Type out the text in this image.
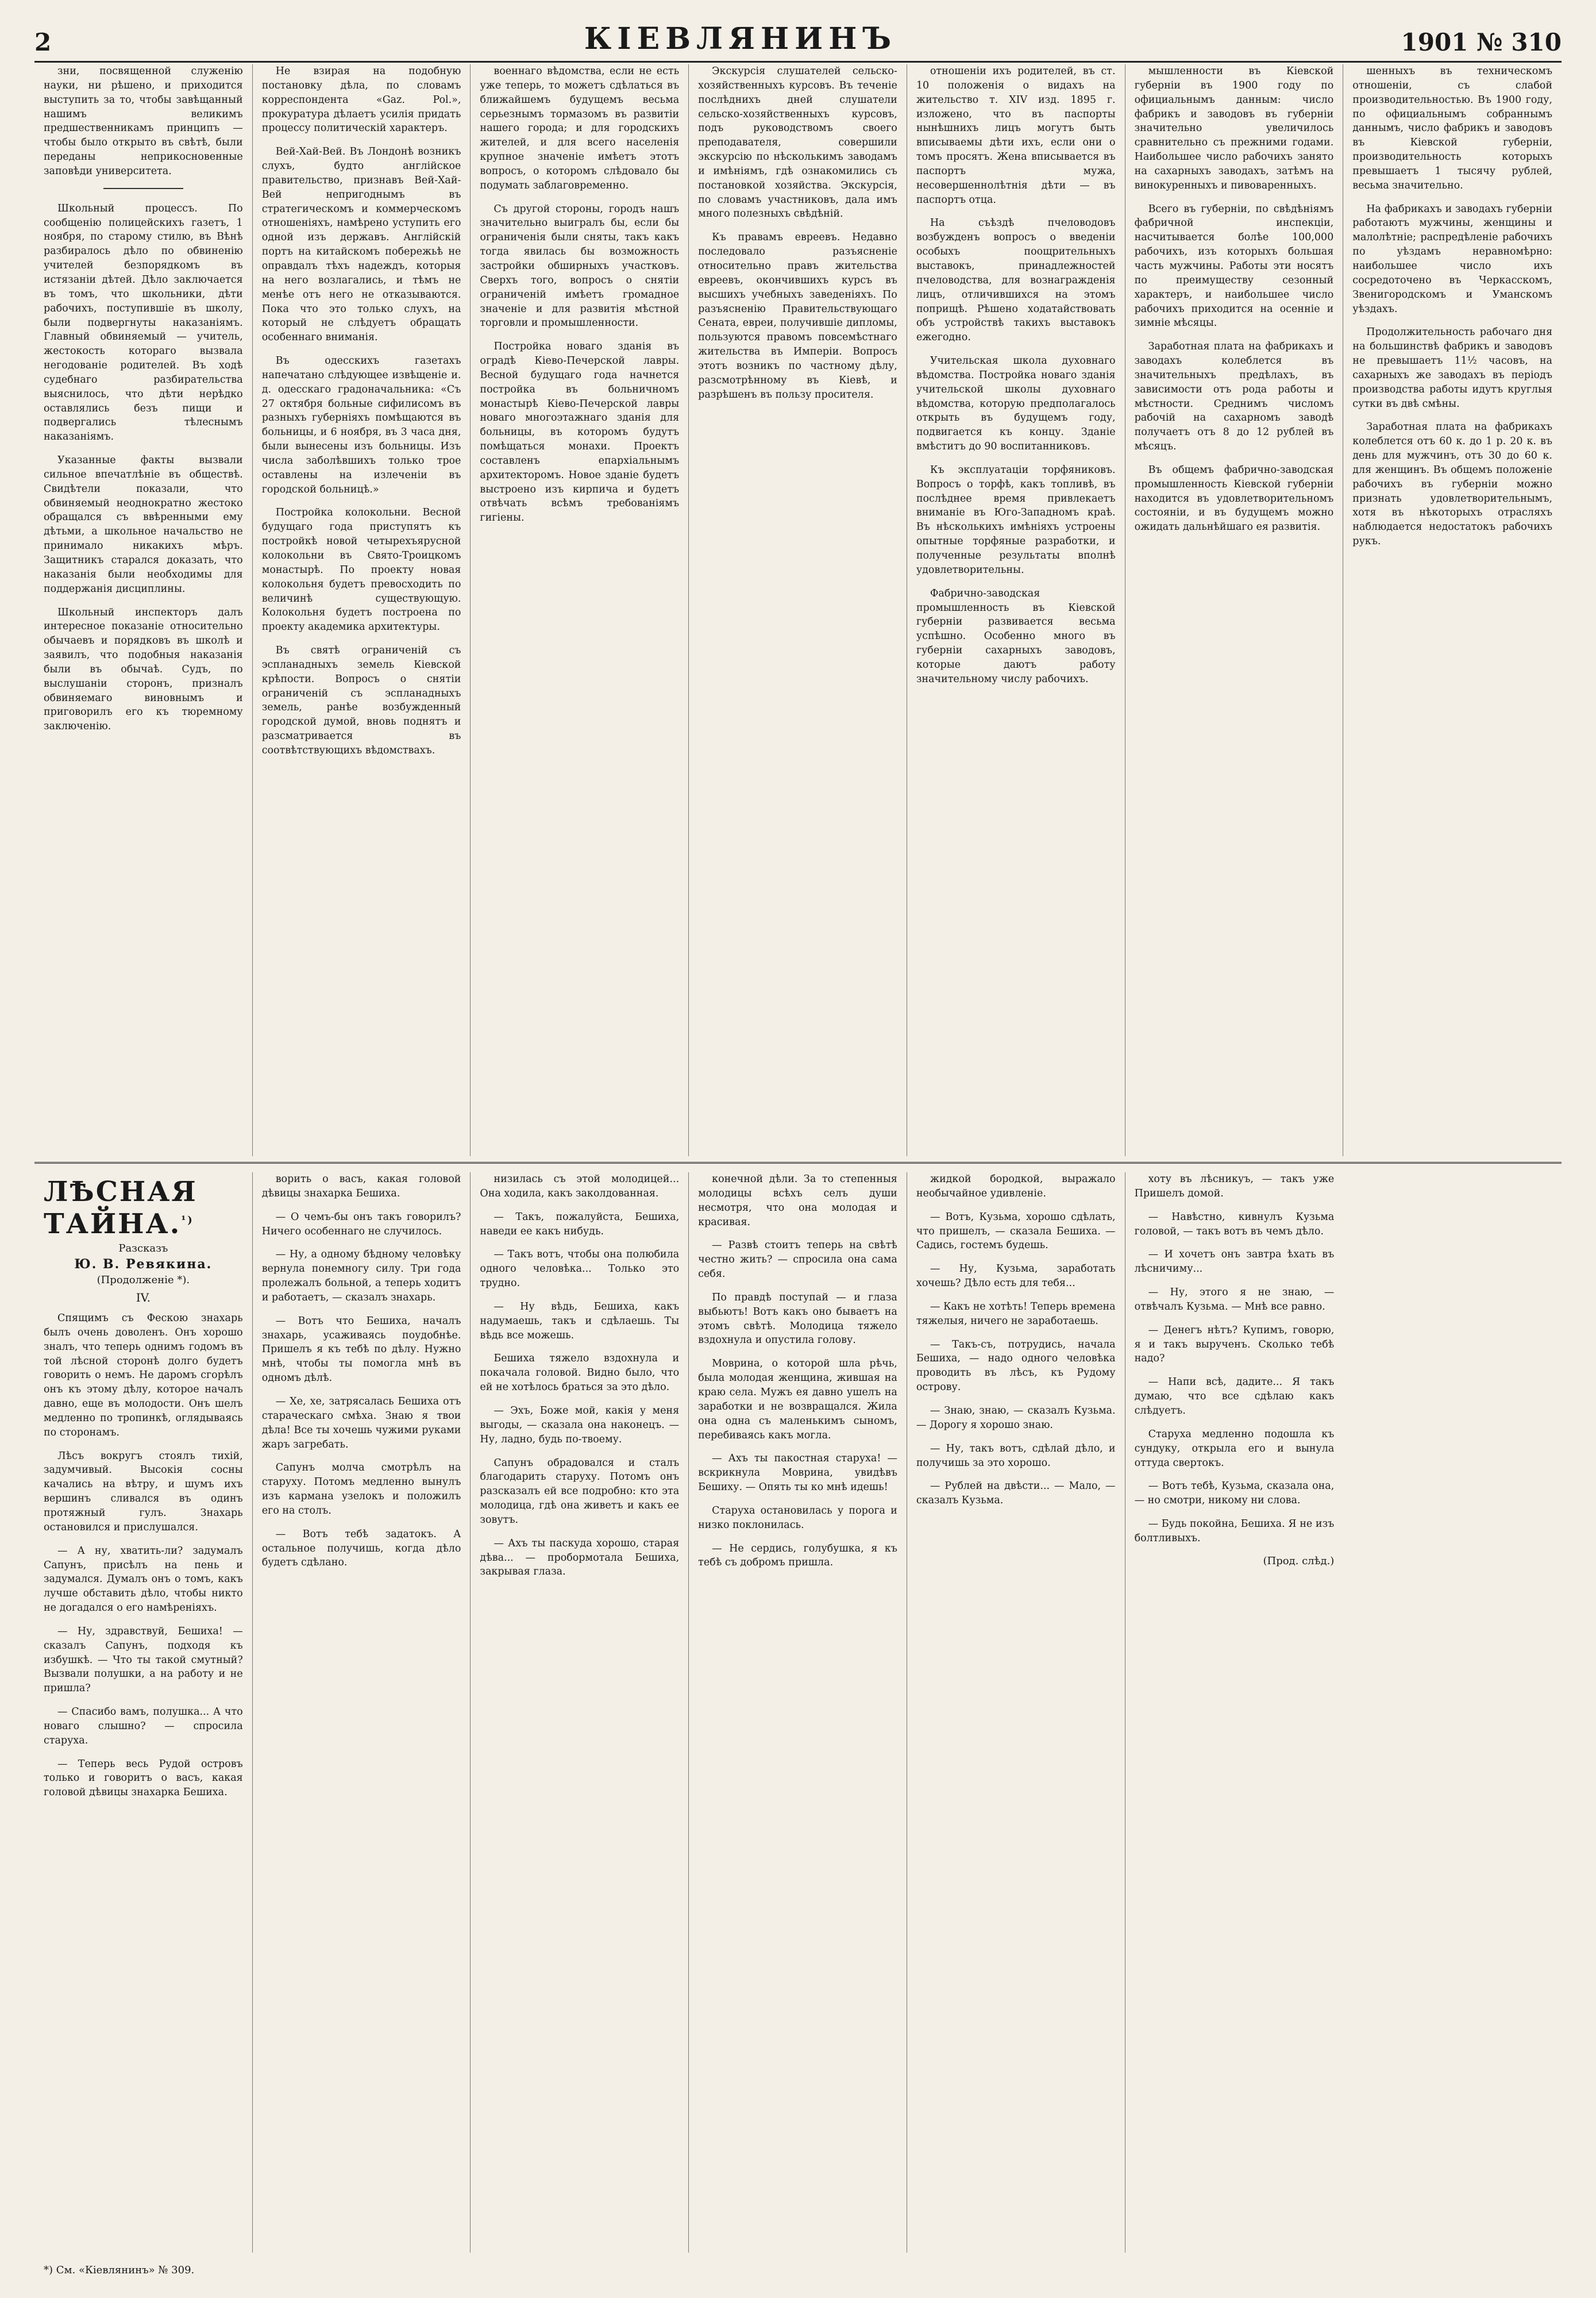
2	КІЕВЛЯНИНЪ	1901 № 310

зни, посвященной служенію науки, ни рѣшено, и приходится выступить за то, чтобы завѣщанный нашимъ великимъ предшественникамъ принципъ — чтобы было открыто въ свѣтѣ, были переданы неприкосновенные заповѣди университета.

Школьный процессъ. По сообщенію полицейскихъ газетъ, 1 ноября, по старому стилю, въ Вѣнѣ разбиралось дѣло по обвиненію учителей безпорядкомъ въ истязаніи дѣтей. Дѣло заключается въ томъ, что школьники, дѣти рабочихъ, поступившіе въ школу, были подвергнуты наказаніямъ. Главный обвиняемый — учитель, жестокость котораго вызвала негодованіе родителей. Въ ходѣ судебнаго разбирательства выяснилось, что дѣти нерѣдко оставлялись безъ пищи и подвергались тѣлеснымъ наказаніямъ.

Указанные факты вызвали сильное впечатлѣніе въ обществѣ. Свидѣтели показали, что обвиняемый неоднократно жестоко обращался съ ввѣренными ему дѣтьми, а школьное начальство не принимало никакихъ мѣръ. Защитникъ старался доказать, что наказанія были необходимы для поддержанія дисциплины.

Школьный инспекторъ далъ интересное показаніе относительно обычаевъ и порядковъ въ школѣ и заявилъ, что подобныя наказанія были въ обычаѣ. Судъ, по выслушаніи сторонъ, призналъ обвиняемаго виновнымъ и приговорилъ его къ тюремному заключенію.

Не взирая на подобную постановку дѣла, по словамъ корреспондента «Gaz. Pol.», прокуратура дѣлаетъ усилія придать процессу политическій характеръ.

Вей-Хай-Вей. Въ Лондонѣ возникъ слухъ, будто англійское правительство, признавъ Вей-Хай-Вей непригоднымъ въ стратегическомъ и коммерческомъ отношеніяхъ, намѣрено уступить его одной изъ державъ. Англійскій портъ на китайскомъ побережьѣ не оправдалъ тѣхъ надеждъ, которыя на него возлагались, и тѣмъ не менѣе отъ него не отказываются. Пока что это только слухъ, на который не слѣдуетъ обращать особеннаго вниманія.

Въ одесскихъ газетахъ напечатано слѣдующее извѣщеніе и. д. одесскаго градоначальника: «Съ 27 октября больные сифилисомъ въ разныхъ губерніяхъ помѣщаются въ больницы, и 6 ноября, въ 3 часа дня, были вынесены изъ больницы. Изъ числа заболѣвшихъ только трое оставлены на излеченіи въ городской больницѣ.»

Постройка колокольни. Весной будущаго года приступятъ къ постройкѣ новой четырехъярусной колокольни въ Свято-Троицкомъ монастырѣ. По проекту новая колокольня будетъ превосходить по величинѣ существующую. Колокольня будетъ построена по проекту академика архитектуры.

Въ святѣ ограниченій съ эспланадныхъ земель Кіевской крѣпости. Вопросъ о снятіи ограниченій съ эспланадныхъ земель, ранѣе возбужденный городской думой, вновь поднятъ и разсматривается въ соотвѣтствующихъ вѣдомствахъ.

военнаго вѣдомства, если не есть уже теперь, то можетъ сдѣлаться въ ближайшемъ будущемъ весьма серьезнымъ тормазомъ въ развитіи нашего города; и для городскихъ жителей, и для всего населенія крупное значеніе имѣетъ этотъ вопросъ, о которомъ слѣдовало бы подумать заблаговременно.

Съ другой стороны, городъ нашъ значительно выигралъ бы, если бы ограниченія были сняты, такъ какъ тогда явилась бы возможность застройки обширныхъ участковъ. Сверхъ того, вопросъ о снятіи ограниченій имѣетъ громадное значеніе и для развитія мѣстной торговли и промышленности.

Постройка новаго зданія въ оградѣ Кіево-Печерской лавры. Весной будущаго года начнется постройка въ больничномъ монастырѣ Кіево-Печерской лавры новаго многоэтажнаго зданія для больницы, въ которомъ будутъ помѣщаться монахи. Проектъ составленъ епархіальнымъ архитекторомъ. Новое зданіе будетъ выстроено изъ кирпича и будетъ отвѣчать всѣмъ требованіямъ гигіены.

Экскурсія слушателей сельско-хозяйственныхъ курсовъ. Въ теченіе послѣднихъ дней слушатели сельско-хозяйственныхъ курсовъ, подъ руководствомъ своего преподавателя, совершили экскурсію по нѣсколькимъ заводамъ и имѣніямъ, гдѣ ознакомились съ постановкой хозяйства. Экскурсія, по словамъ участниковъ, дала имъ много полезныхъ свѣдѣній.

Къ правамъ евреевъ. Недавно последовало разъясненіе относительно правъ жительства евреевъ, окончившихъ курсъ въ высшихъ учебныхъ заведеніяхъ. По разъясненію Правительствующаго Сената, евреи, получившіе дипломы, пользуются правомъ повсемѣстнаго жительства въ Имперіи. Вопросъ этотъ возникъ по частному дѣлу, разсмотрѣнному въ Кіевѣ, и разрѣшенъ въ пользу просителя.

отношеніи ихъ родителей, въ ст. 10 положенія о видахъ на жительство т. XIV изд. 1895 г. изложено, что въ паспорты нынѣшнихъ лицъ могутъ быть вписываемы дѣти ихъ, если они о томъ просятъ. Жена вписывается въ паспортъ мужа, несовершеннолѣтнія дѣти — въ паспортъ отца.

На съѣздѣ пчеловодовъ возбужденъ вопросъ о введеніи особыхъ поощрительныхъ выставокъ, принадлежностей пчеловодства, для вознагражденія лицъ, отличившихся на этомъ поприщѣ. Рѣшено ходатайствовать объ устройствѣ такихъ выставокъ ежегодно.

Учительская школа духовнаго вѣдомства. Постройка новаго зданія учительской школы духовнаго вѣдомства, которую предполагалось открыть въ будущемъ году, подвигается къ концу. Зданіе вмѣститъ до 90 воспитанниковъ.

Къ эксплуатаціи торфяниковъ. Вопросъ о торфѣ, какъ топливѣ, въ послѣднее время привлекаетъ вниманіе въ Юго-Западномъ краѣ. Въ нѣсколькихъ имѣніяхъ устроены опытные торфяные разработки, и полученные результаты вполнѣ удовлетворительны.

Фабрично-заводская промышленность въ Кіевской губерніи развивается весьма успѣшно. Особенно много въ губерніи сахарныхъ заводовъ, которые даютъ работу значительному числу рабочихъ.

мышленности въ Кіевской губерніи въ 1900 году по официальнымъ данным: число фабрикъ и заводовъ въ губерніи значительно увеличилось сравнительно съ прежними годами. Наибольшее число рабочихъ занято на сахарныхъ заводахъ, затѣмъ на винокуренныхъ и пивоваренныхъ.

Всего въ губерніи, по свѣдѣніямъ фабричной инспекціи, насчитывается болѣе 100,000 рабочихъ, изъ которыхъ большая часть мужчины. Работы эти носятъ по преимуществу сезонный характеръ, и наибольшее число рабочихъ приходится на осенніе и зимніе мѣсяцы.

Заработная плата на фабрикахъ и заводахъ колеблется въ значительныхъ предѣлахъ, въ зависимости отъ рода работы и мѣстности. Среднимъ числомъ рабочій на сахарномъ заводѣ получаетъ отъ 8 до 12 рублей въ мѣсяцъ.

Въ общемъ фабрично-заводская промышленность Кіевской губерніи находится въ удовлетворительномъ состояніи, и въ будущемъ можно ожидать дальнѣйшаго ея развитія.

шенныхъ въ техническомъ отношеніи, съ слабой производительностью. Въ 1900 году, по официальнымъ собраннымъ даннымъ, число фабрикъ и заводовъ въ Кіевской губерніи, производительность которыхъ превышаетъ 1 тысячу рублей, весьма значительно.

На фабрикахъ и заводахъ губерніи работаютъ мужчины, женщины и малолѣтніе; распредѣленіе рабочихъ по уѣздамъ неравномѣрно: наибольшее число ихъ сосредоточено въ Черкасскомъ, Звенигородскомъ и Уманскомъ уѣздахъ.

Продолжительность рабочаго дня на большинствѣ фабрикъ и заводовъ не превышаетъ 11½ часовъ, на сахарныхъ же заводахъ въ періодъ производства работы идутъ круглыя сутки въ двѣ смѣны.

Заработная плата на фабрикахъ колеблется отъ 60 к. до 1 р. 20 к. въ день для мужчинъ, отъ 30 до 60 к. для женщинъ. Въ общемъ положеніе рабочихъ въ губерніи можно признать удовлетворительнымъ, хотя въ нѣкоторыхъ отрасляхъ наблюдается недостатокъ рабочихъ рукъ.

ЛѢСНАЯ ТАЙНА.$^{^1)}$
Разсказъ
Ю. В. Ревякина.
(Продолженіе *).
IV.

Спящимъ съ Фескою знахарь былъ очень доволенъ. Онъ хорошо зналъ, что теперь однимъ годомъ въ той лѣсной сторонѣ долго будетъ говорить о немъ. Не даромъ сгорѣлъ онъ къ этому дѣлу, которое началъ давно, еще въ молодости. Онъ шелъ медленно по тропинкѣ, оглядываясь по сторонамъ.

Лѣсъ вокругъ стоялъ тихій, задумчивый. Высокія сосны качались на вѣтру, и шумъ ихъ вершинъ сливался въ одинъ протяжный гулъ. Знахарь остановился и прислушался.

— А ну, хватить-ли? задумалъ Сапунъ, присѣлъ на пень и задумался. Думалъ онъ о томъ, какъ лучше обставить дѣло, чтобы никто не догадался о его намѣреніяхъ.

— Ну, здравствуй, Бешиха! — сказалъ Сапунъ, подходя къ избушкѣ. — Что ты такой смутный? Вызвали полушки, а на работу и не пришла?

— Спасибо вамъ, полушка... А что новаго слышно? — спросила старуха.

— Теперь весь Рудой островъ только и говоритъ о васъ, какая головой дѣвицы знахарка Бешиха.

ворить о васъ, какая головой дѣвицы знахарка Бешиха.

— О чемъ-бы онъ такъ говорилъ? Ничего особеннаго не случилось.

— Ну, а одному бѣдному человѣку вернула понемногу силу. Три года пролежалъ больной, а теперь ходитъ и работаетъ, — сказалъ знахарь.

— Вотъ что Бешиха, началъ знахарь, усаживаясь поудобнѣе. Пришелъ я къ тебѣ по дѣлу. Нужно мнѣ, чтобы ты помогла мнѣ въ одномъ дѣлѣ.

— Хе, хе, затрясалась Бешиха отъ стараческаго смѣха. Знаю я твои дѣла! Все ты хочешь чужими руками жаръ загребать.

Сапунъ молча смотрѣлъ на старуху. Потомъ медленно вынулъ изъ кармана узелокъ и положилъ его на столъ.

— Вотъ тебѣ задатокъ. А остальное получишь, когда дѣло будетъ сдѣлано.

низилась съ этой молодицей... Она ходила, какъ заколдованная.

— Такъ, пожалуйста, Бешиха, наведи ее какъ нибудь.

— Такъ вотъ, чтобы она полюбила одного человѣка... Только это трудно.

— Ну вѣдь, Бешиха, какъ надумаешь, такъ и сдѣлаешь. Ты вѣдь все можешь.

Бешиха тяжело вздохнула и покачала головой. Видно было, что ей не хотѣлось браться за это дѣло.

— Эхъ, Боже мой, какія у меня выгоды, — сказала она наконецъ. — Ну, ладно, будь по-твоему.

Сапунъ обрадовался и сталъ благодарить старуху. Потомъ онъ разсказалъ ей все подробно: кто эта молодица, гдѣ она живетъ и какъ ее зовутъ.

— Ахъ ты паскуда хорошо, старая дѣва... — пробормотала Бешиха, закрывая глаза.

конечной дѣли. За то степенныя молодицы всѣхъ селъ души несмотря, что она молодая и красивая.

— Развѣ стоитъ теперь на свѣтѣ честно жить? — спросила она сама себя.

По правдѣ поступай — и глаза выбьютъ! Вотъ какъ оно бываетъ на этомъ свѣтѣ. Молодица тяжело вздохнула и опустила голову.

Моврина, о которой шла рѣчь, была молодая женщина, жившая на краю села. Мужъ ея давно ушелъ на заработки и не возвращался. Жила она одна съ маленькимъ сыномъ, перебиваясь какъ могла.

— Ахъ ты пакостная старуха! — вскрикнула Моврина, увидѣвъ Бешиху. — Опять ты ко мнѣ идешь!

Старуха остановилась у порога и низко поклонилась.

— Не сердись, голубушка, я къ тебѣ съ добромъ пришла.

жидкой бородкой, выражало необычайное удивленіе.

— Вотъ, Кузьма, хорошо сдѣлать, что пришелъ, — сказала Бешиха. — Садись, гостемъ будешь.

— Ну, Кузьма, заработать хочешь? Дѣло есть для тебя...

— Какъ не хотѣть! Теперь времена тяжелыя, ничего не заработаешь.

— Такъ-съ, потрудись, начала Бешиха, — надо одного человѣка проводить въ лѣсъ, къ Рудому острову.

— Знаю, знаю, — сказалъ Кузьма. — Дорогу я хорошо знаю.

— Ну, такъ вотъ, сдѣлай дѣло, и получишь за это хорошо.

— Рублей на двѣсти... — Мало, — сказалъ Кузьма.

хоту въ лѣсникуъ, — такъ уже Пришелъ домой.

— Навѣстно, кивнулъ Кузьма головой, — такъ вотъ въ чемъ дѣло.

— И хочетъ онъ завтра ѣхать въ лѣсничиму...

— Ну, этого я не знаю, — отвѣчалъ Кузьма. — Мнѣ все равно.

— Денегъ нѣтъ? Купимъ, говорю, я и такъ вырученъ. Сколько тебѣ надо?

— Напи всѣ, дадите... Я такъ думаю, что все сдѣлаю какъ слѣдуетъ.

Старуха медленно подошла къ сундуку, открыла его и вынула оттуда свертокъ.

— Вотъ тебѣ, Кузьма, сказала она, — но смотри, никому ни слова.

— Будь покойна, Бешиха. Я не изъ болтливыхъ.

(Прод. слѣд.)
*) См. «Кіевлянинъ» № 309.
